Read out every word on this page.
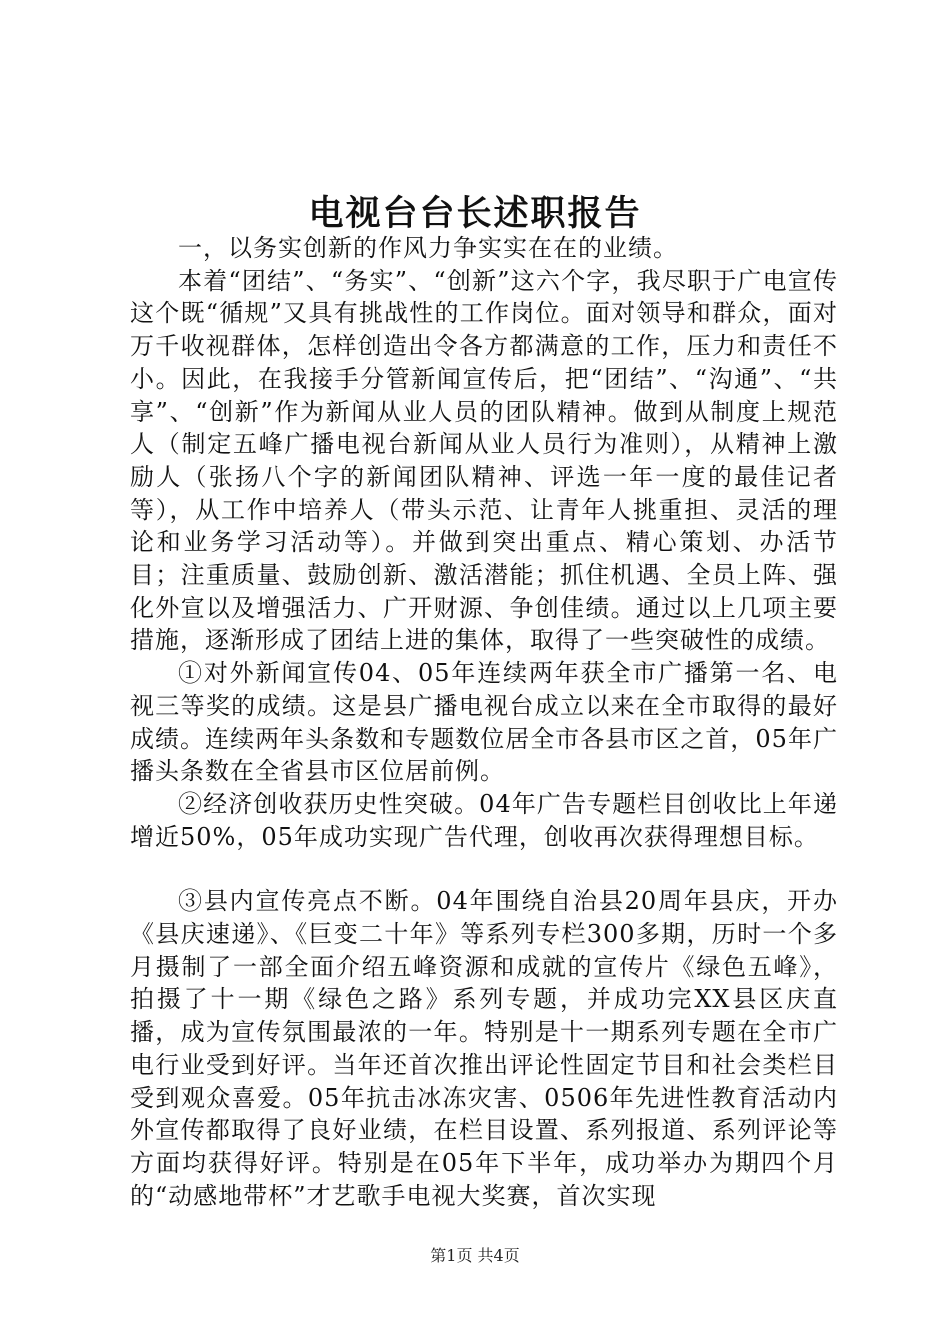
电视台台长述职报告

一，以务实创新的作风力争实实在在的业绩。

本着“团结”、“务实”、“创新”这六个字，我尽职于广电宣传这个既“循规”又具有挑战性的工作岗位。面对领导和群众，面对万千收视群体，怎样创造出令各方都满意的工作，压力和责任不小。因此，在我接手分管新闻宣传后，把“团结”、“沟通”、“共享”、“创新”作为新闻从业人员的团队精神。做到从制度上规范人（制定五峰广播电视台新闻从业人员行为准则），从精神上激励人（张扬八个字的新闻团队精神、评选一年一度的最佳记者等），从工作中培养人（带头示范、让青年人挑重担、灵活的理论和业务学习活动等）。并做到突出重点、精心策划、办活节目；注重质量、鼓励创新、激活潜能；抓住机遇、全员上阵、强化外宣以及增强活力、广开财源、争创佳绩。通过以上几项主要措施，逐渐形成了团结上进的集体，取得了一些突破性的成绩。

①对外新闻宣传04、05年连续两年获全市广播第一名、电视三等奖的成绩。这是县广播电视台成立以来在全市取得的最好成绩。连续两年头条数和专题数位居全市各县市区之首，05年广播头条数在全省县市区位居前例。

②经济创收获历史性突破。04年广告专题栏目创收比上年递增近50%，05年成功实现广告代理，创收再次获得理想目标。

③县内宣传亮点不断。04年围绕自治县20周年县庆，开办《县庆速递》、《巨变二十年》等系列专栏300多期，历时一个多月摄制了一部全面介绍五峰资源和成就的宣传片《绿色五峰》，拍摄了十一期《绿色之路》系列专题，并成功完XX县区庆直播，成为宣传氛围最浓的一年。特别是十一期系列专题在全市广电行业受到好评。当年还首次推出评论性固定节目和社会类栏目受到观众喜爱。05年抗击冰冻灾害、0506年先进性教育活动内外宣传都取得了良好业绩，在栏目设置、系列报道、系列评论等方面均获得好评。特别是在05年下半年，成功举办为期四个月的“动感地带杯”才艺歌手电视大奖赛，首次实现

第1页 共4页
